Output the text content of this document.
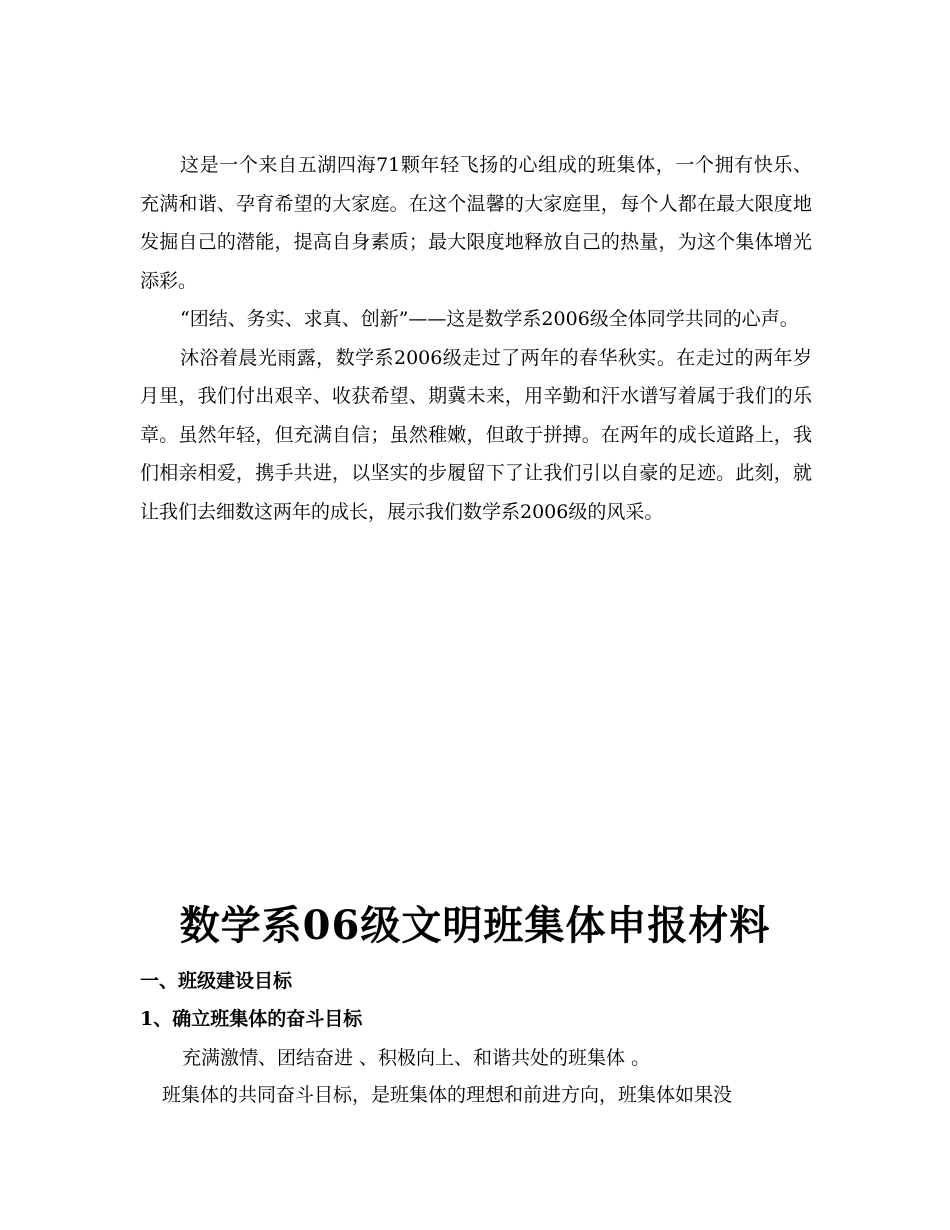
这是一个来自五湖四海71颗年轻飞扬的心组成的班集体，一个拥有快乐、充满和谐、孕育希望的大家庭。在这个温馨的大家庭里，每个人都在最大限度地发掘自己的潜能，提高自身素质；最大限度地释放自己的热量，为这个集体增光添彩。

“团结、务实、求真、创新”——这是数学系2006级全体同学共同的心声。

沐浴着晨光雨露，数学系2006级走过了两年的春华秋实。在走过的两年岁月里，我们付出艰辛、收获希望、期冀未来，用辛勤和汗水谱写着属于我们的乐章。虽然年轻，但充满自信；虽然稚嫩，但敢于拼搏。在两年的成长道路上，我们相亲相爱，携手共进，以坚实的步履留下了让我们引以自豪的足迹。此刻，就让我们去细数这两年的成长，展示我们数学系2006级的风采。

数学系06级文明班集体申报材料
一、班级建设目标
1、确立班集体的奋斗目标
充满激情、团结奋进 、积极向上、和谐共处的班集体 。
班集体的共同奋斗目标，是班集体的理想和前进方向，班集体如果没
